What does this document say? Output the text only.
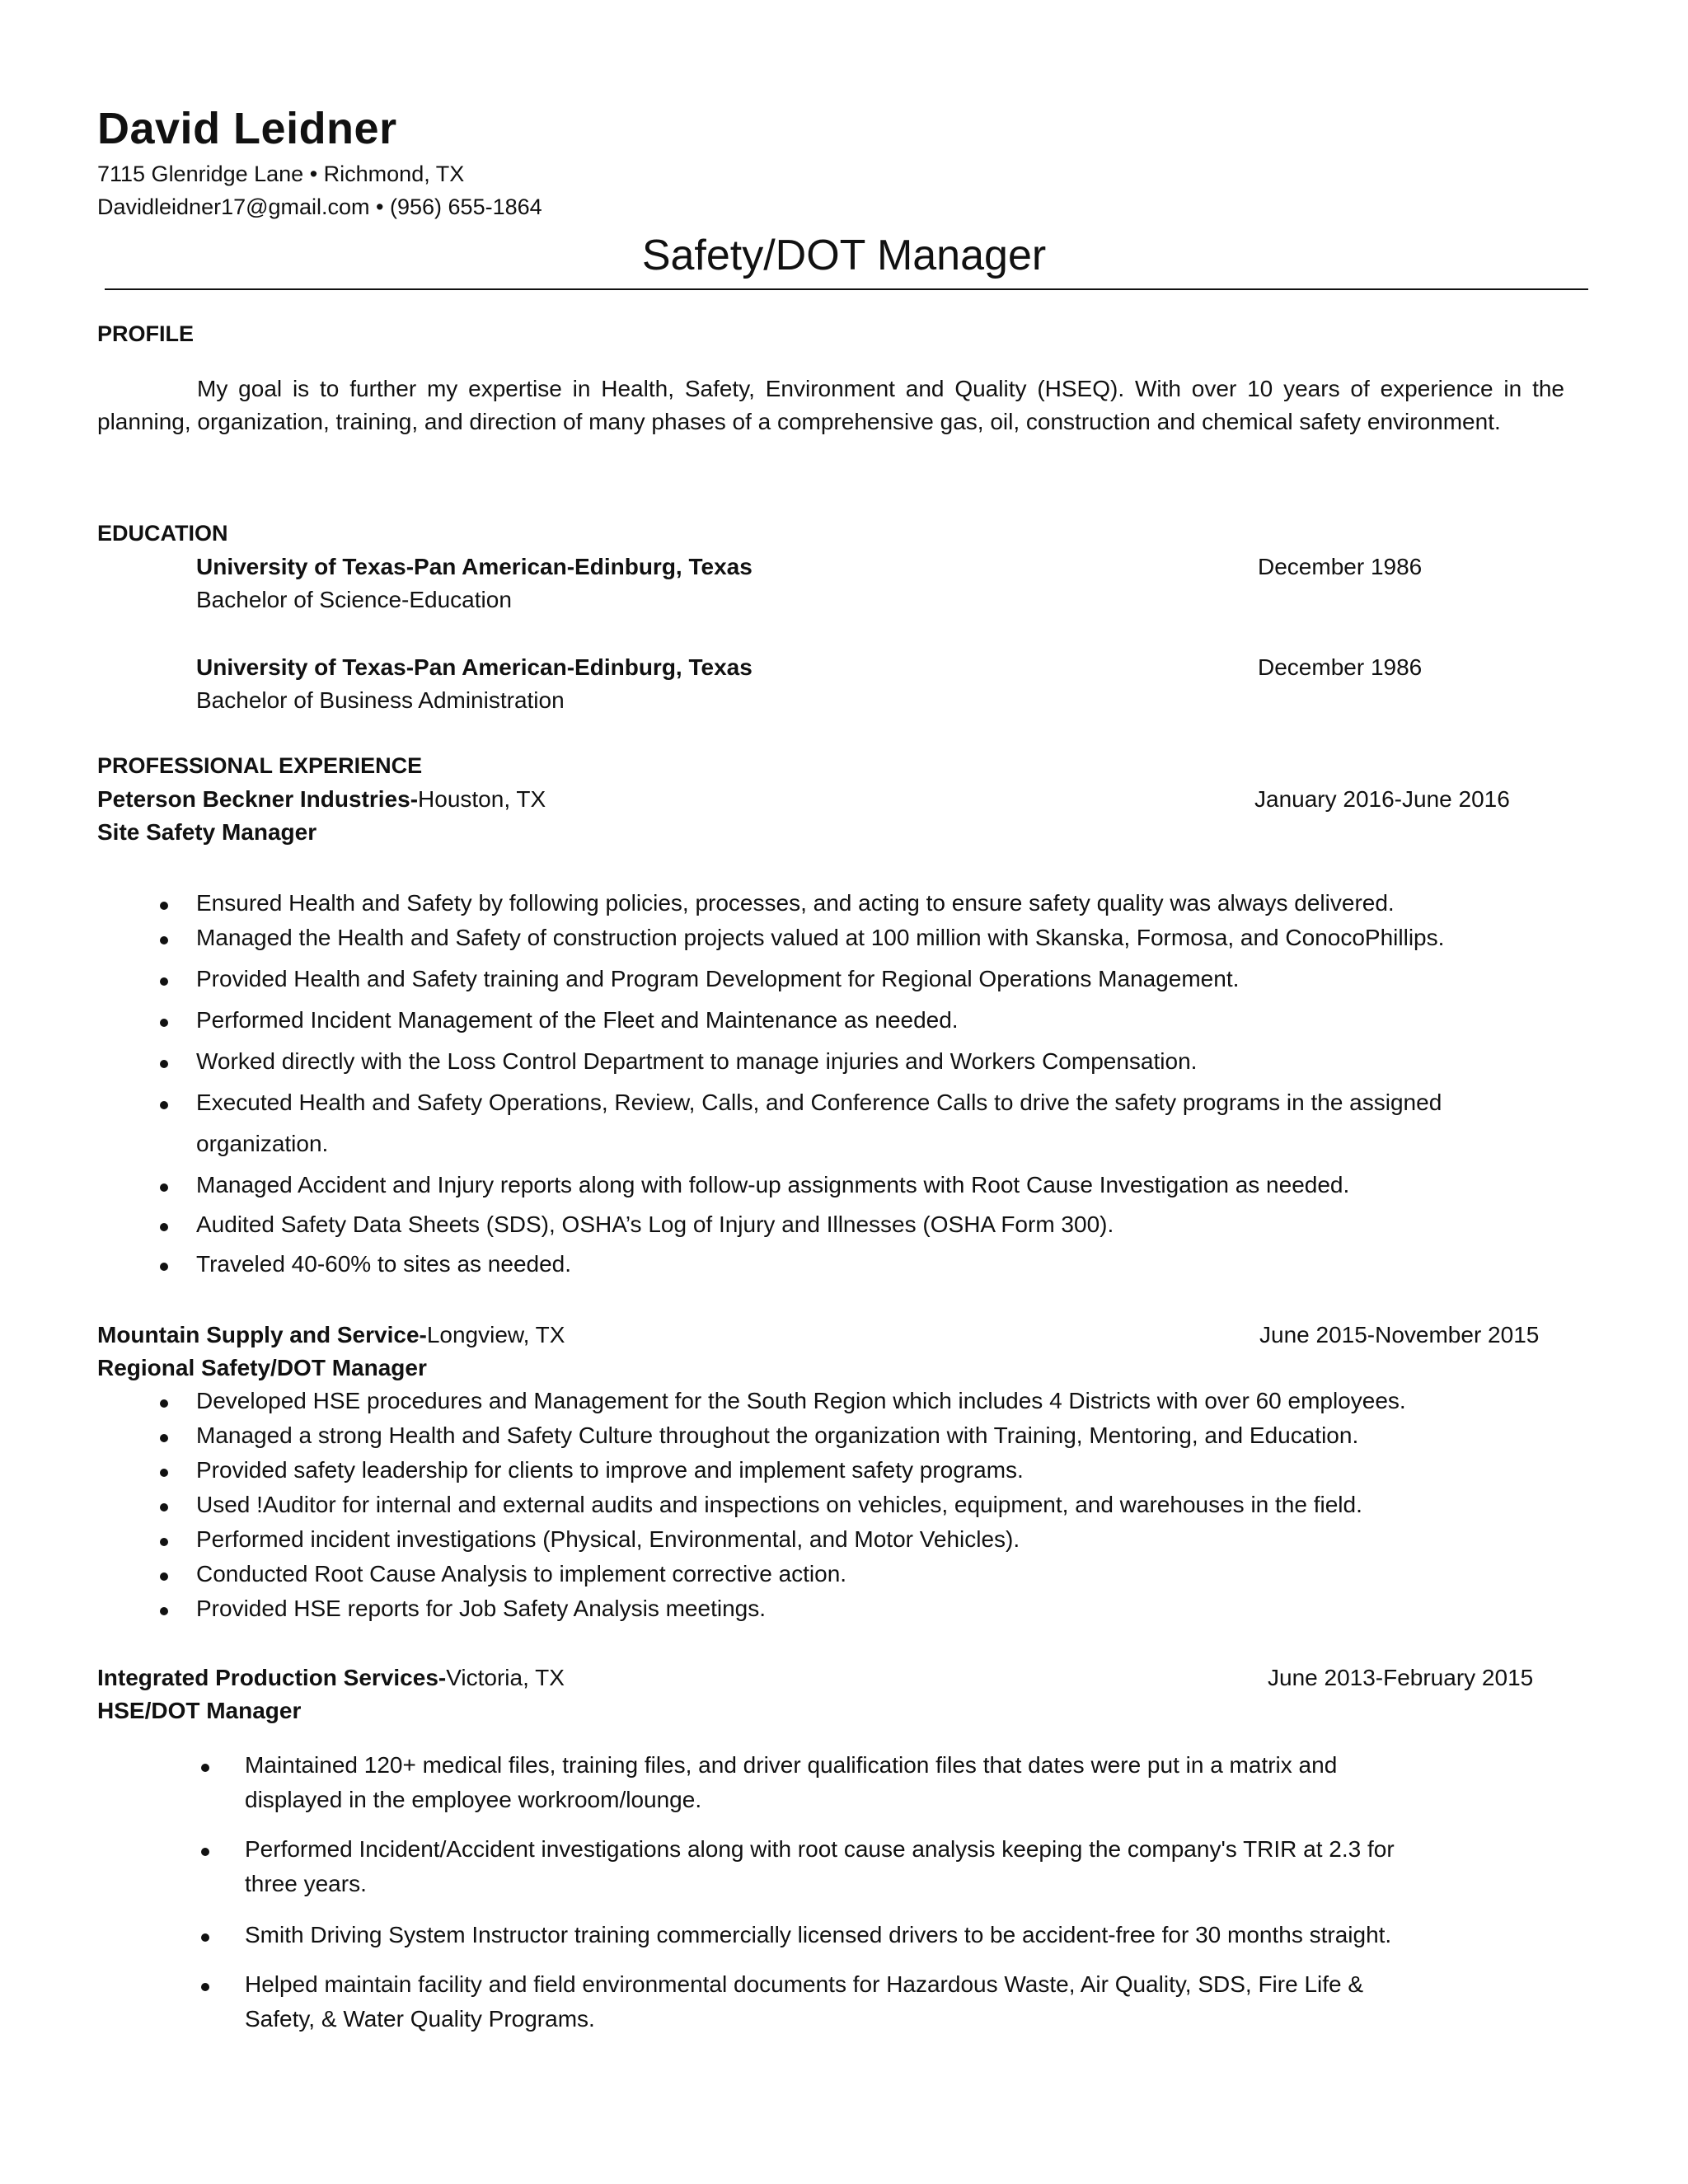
David Leidner
7115 Glenridge Lane • Richmond, TX
Davidleidner17@gmail.com • (956) 655-1864
Safety/DOT Manager
PROFILE
My goal is to further my expertise in Health, Safety, Environment and Quality (HSEQ). With over 10 years of experience in the planning, organization, training, and direction of many phases of a comprehensive gas, oil, construction and chemical safety environment.
EDUCATION
University of Texas-Pan American-Edinburg, Texas	December 1986
Bachelor of Science-Education
University of Texas-Pan American-Edinburg, Texas	December 1986
Bachelor of Business Administration
PROFESSIONAL EXPERIENCE
Peterson Beckner Industries-Houston, TX	January 2016-June 2016
Site Safety Manager
Ensured Health and Safety by following policies, processes, and acting to ensure safety quality was always delivered.
Managed the Health and Safety of construction projects valued at 100 million with Skanska, Formosa, and ConocoPhillips.
Provided Health and Safety training and Program Development for Regional Operations Management.
Performed Incident Management of the Fleet and Maintenance as needed.
Worked directly with the Loss Control Department to manage injuries and Workers Compensation.
Executed Health and Safety Operations, Review, Calls, and Conference Calls to drive the safety programs in the assigned
organization.
Managed Accident and Injury reports along with follow-up assignments with Root Cause Investigation as needed.
Audited Safety Data Sheets (SDS), OSHA’s Log of Injury and Illnesses (OSHA Form 300).
Traveled 40-60% to sites as needed.
Mountain Supply and Service-Longview, TX	June 2015-November 2015
Regional Safety/DOT Manager
Developed HSE procedures and Management for the South Region which includes 4 Districts with over 60 employees.
Managed a strong Health and Safety Culture throughout the organization with Training, Mentoring, and Education.
Provided safety leadership for clients to improve and implement safety programs.
Used !Auditor for internal and external audits and inspections on vehicles, equipment, and warehouses in the field.
Performed incident investigations (Physical, Environmental, and Motor Vehicles).
Conducted Root Cause Analysis to implement corrective action.
Provided HSE reports for Job Safety Analysis meetings.
Integrated Production Services-Victoria, TX	June 2013-February 2015
HSE/DOT Manager
Maintained 120+ medical files, training files, and driver qualification files that dates were put in a matrix and
displayed in the employee workroom/lounge.
Performed Incident/Accident investigations along with root cause analysis keeping the company's TRIR at 2.3 for
three years.
Smith Driving System Instructor training commercially licensed drivers to be accident-free for 30 months straight.
Helped maintain facility and field environmental documents for Hazardous Waste, Air Quality, SDS, Fire Life &
Safety, & Water Quality Programs.
